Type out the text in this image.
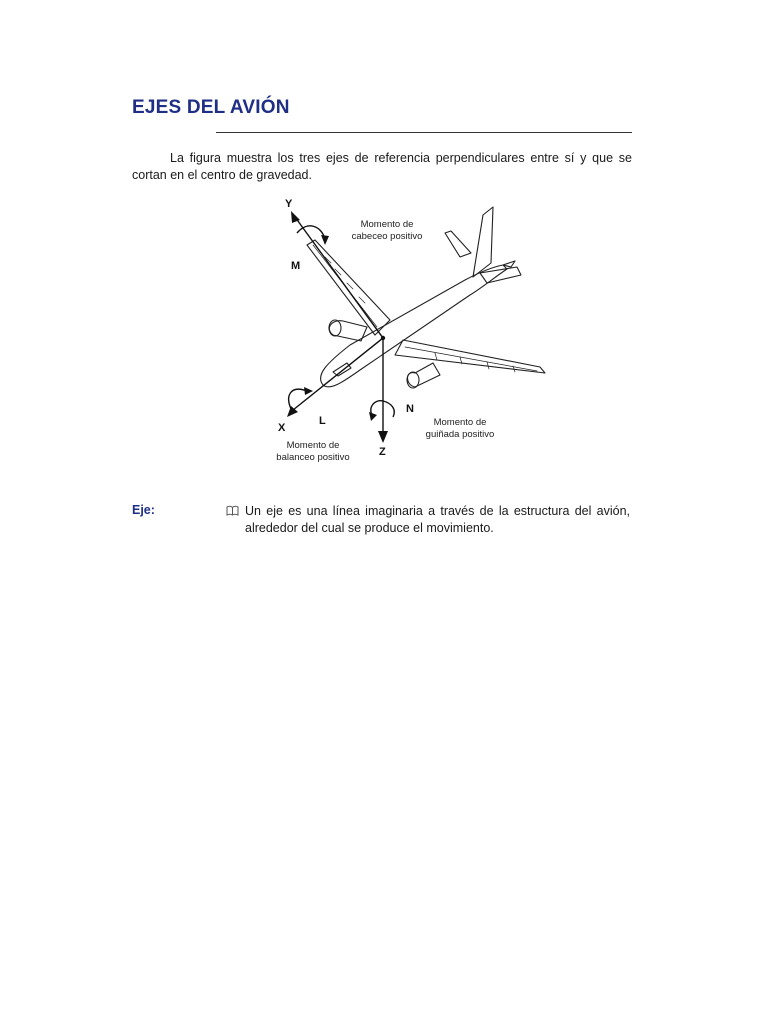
EJES DEL AVIÓN
La figura muestra los tres ejes de referencia perpendiculares entre sí y que se cortan en el centro de gravedad.
Y
X
Z
M
L
N
Momento de
cabeceo positivo
Momento de
guiñada positivo
Momento de
balanceo positivo
Eje:	Un eje es una línea imaginaria a través de la estructura del avión, alrededor del cual se produce el movimiento.
